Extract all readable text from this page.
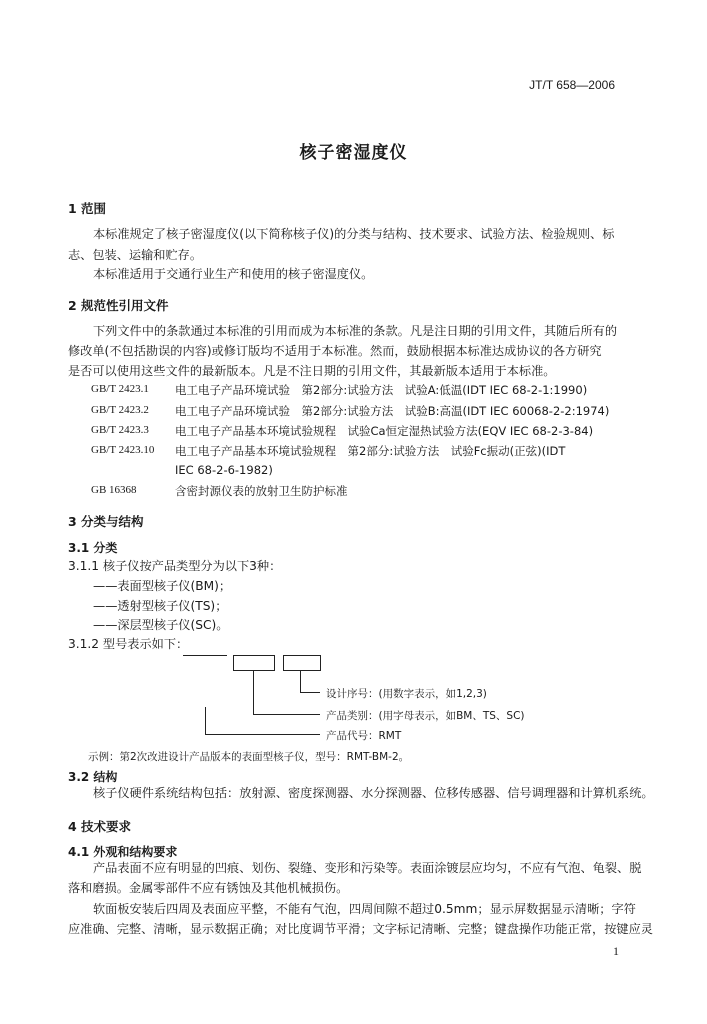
JT/T 658—2006
核子密湿度仪
1 范围
本标准规定了核子密湿度仪(以下简称核子仪)的分类与结构、技术要求、试验方法、检验规则、标
志、包装、运输和贮存。
本标准适用于交通行业生产和使用的核子密湿度仪。
2 规范性引用文件
下列文件中的条款通过本标准的引用而成为本标准的条款。凡是注日期的引用文件，其随后所有的
修改单(不包括勘误的内容)或修订版均不适用于本标准。然而，鼓励根据本标准达成协议的各方研究
是否可以使用这些文件的最新版本。凡是不注日期的引用文件，其最新版本适用于本标准。
GB/T 2423.1 电工电子产品环境试验　第2部分:试验方法　试验A:低温(IDT IEC 68-2-1:1990)
GB/T 2423.2 电工电子产品环境试验　第2部分:试验方法　试验B:高温(IDT IEC 60068-2-2:1974)
GB/T 2423.3 电工电子产品基本环境试验规程　试验Ca恒定湿热试验方法(EQV IEC 68-2-3-84)
GB/T 2423.10 电工电子产品基本环境试验规程　第2部分:试验方法　试验Fc振动(正弦)(IDT
IEC 68-2-6-1982)
GB 16368	含密封源仪表的放射卫生防护标准
3 分类与结构
3.1 分类
3.1.1 核子仪按产品类型分为以下3种：
——表面型核子仪(BM)；
——透射型核子仪(TS)；
——深层型核子仪(SC)。
3.1.2 型号表示如下：
设计序号：(用数字表示，如1,2,3)
产品类别：(用字母表示，如BM、TS、SC)
产品代号：RMT
示例：第2次改进设计产品版本的表面型核子仪，型号：RMT-BM-2。
3.2 结构
核子仪硬件系统结构包括：放射源、密度探测器、水分探测器、位移传感器、信号调理器和计算机系统。
4 技术要求
4.1 外观和结构要求
产品表面不应有明显的凹痕、划伤、裂缝、变形和污染等。表面涂镀层应均匀，不应有气泡、龟裂、脱
落和磨损。金属零部件不应有锈蚀及其他机械损伤。
软面板安装后四周及表面应平整，不能有气泡，四周间隙不超过0.5mm；显示屏数据显示清晰；字符
应准确、完整、清晰，显示数据正确；对比度调节平滑；文字标记清晰、完整；键盘操作功能正常，按键应灵
1
